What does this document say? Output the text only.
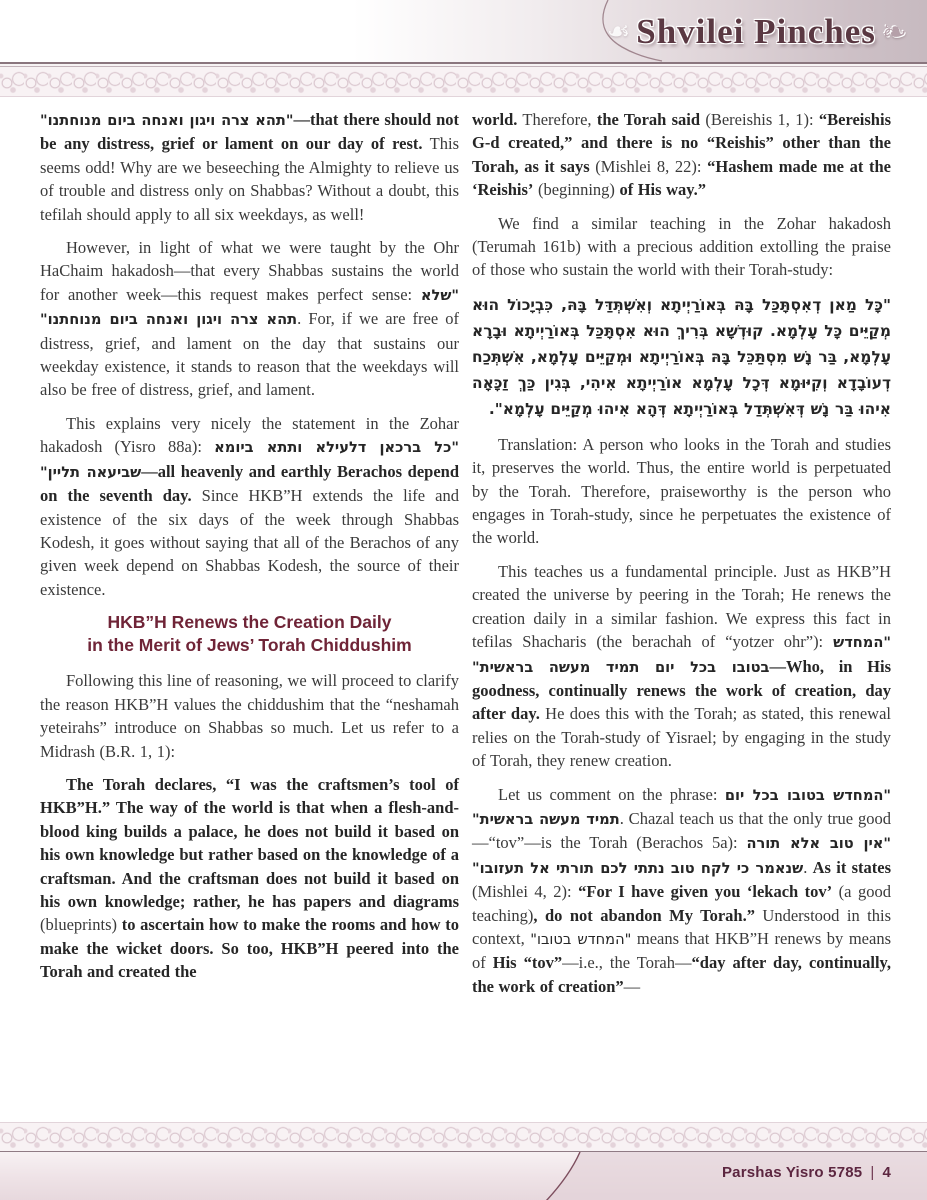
☙ Shvilei Pinches ❧

"תהא צרה ויגון ואנחה ביום מנוחתנו"—that there should not be any distress, grief or lament on our day of rest. This seems odd! Why are we beseeching the Almighty to relieve us of trouble and distress only on Shabbas? Without a doubt, this tefilah should apply to all six weekdays, as well!

However, in light of what we were taught by the Ohr HaChaim hakadosh—that every Shabbas sustains the world for another week—this request makes perfect sense: "שלא תהא צרה ויגון ואנחה ביום מנוחתנו". For, if we are free of distress, grief, and lament on the day that sustains our weekday existence, it stands to reason that the weekdays will also be free of distress, grief, and lament.

This explains very nicely the statement in the Zohar hakadosh (Yisro 88a): "כל ברכאן דלעילא ותתא ביומא שביעאה תליין"—all heavenly and earthly Berachos depend on the seventh day. Since HKB”H extends the life and existence of the six days of the week through Shabbas Kodesh, it goes without saying that all of the Berachos of any given week depend on Shabbas Kodesh, the source of their existence.

HKB”H Renews the Creation Daily
in the Merit of Jews’ Torah Chiddushim

Following this line of reasoning, we will proceed to clarify the reason HKB”H values the chiddushim that the “neshamah yeteirahs” introduce on Shabbas so much. Let us refer to a Midrash (B.R. 1, 1):

The Torah declares, “I was the craftsmen’s tool of HKB”H.” The way of the world is that when a flesh-and-blood king builds a palace, he does not build it based on his own knowledge but rather based on the knowledge of a craftsman. And the craftsman does not build it based on his own knowledge; rather, he has papers and diagrams (blueprints) to ascertain how to make the rooms and how to make the wicket doors. So too, HKB”H peered into the Torah and created the

world. Therefore, the Torah said (Bereishis 1, 1): “Bereishis G-d created,” and there is no “Reishis” other than the Torah, as it says (Mishlei 8, 22): “Hashem made me at the ‘Reishis’ (beginning) of His way.”

We find a similar teaching in the Zohar hakadosh (Terumah 161b) with a precious addition extolling the praise of those who sustain the world with their Torah-study:

"כָּל מַאן דְאִסְתָּכַּל בָּהּ בְּאוֹרַיְיתָא וְאִשְׁתְּדַּל בָּהּ, כִּבְיָכוֹל הוּא מְקַיֵּים כָּל עָלְמָא. קוּדְשָׁא בְּרִיךְ הוּא אִסְתָּכַּל בְּאוֹרַיְיתָא וּבָרָא עָלְמָא, בַּר נָשׁ מִסְתַּכֵּל בָּהּ בְּאוֹרַיְיתָא וּמְקַיֵּים עָלְמָא, אִשְׁתְּכַח דְעוֹבָדָא וְקִיּוּמָא דְּכָל עָלְמָא אוֹרַיְיתָא אִיהִי, בְּגִין כַּךְ זַכָּאָה אִיהוּ בַּר נָשׁ דְּאִשְׁתְּדַל בְּאוֹרַיְיתָא דְּהָא אִיהוּ מְקַיֵּים עָלְמָא".

Translation: A person who looks in the Torah and studies it, preserves the world. Thus, the entire world is perpetuated by the Torah. Therefore, praiseworthy is the person who engages in Torah-study, since he perpetuates the existence of the world.

This teaches us a fundamental principle. Just as HKB”H created the universe by peering in the Torah; He renews the creation daily in a similar fashion. We express this fact in tefilas Shacharis (the berachah of “yotzer ohr”): "המחדש בטובו בכל יום תמיד מעשה בראשית"—Who, in His goodness, continually renews the work of creation, day after day. He does this with the Torah; as stated, this renewal relies on the Torah-study of Yisrael; by engaging in the study of Torah, they renew creation.

Let us comment on the phrase: "המחדש בטובו בכל יום תמיד מעשה בראשית". Chazal teach us that the only true good—“tov”—is the Torah (Berachos 5a): "אין טוב אלא תורה שנאמר כי לקח טוב נתתי לכם תורתי אל תעזובו". As it states (Mishlei 4, 2): “For I have given you ‘lekach tov’ (a good teaching), do not abandon My Torah.” Understood in this context, "המחדש בטובו" means that HKB”H renews by means of His “tov”—i.e., the Torah—“day after day, continually, the work of creation”—

Parshas Yisro 5785 | 4
